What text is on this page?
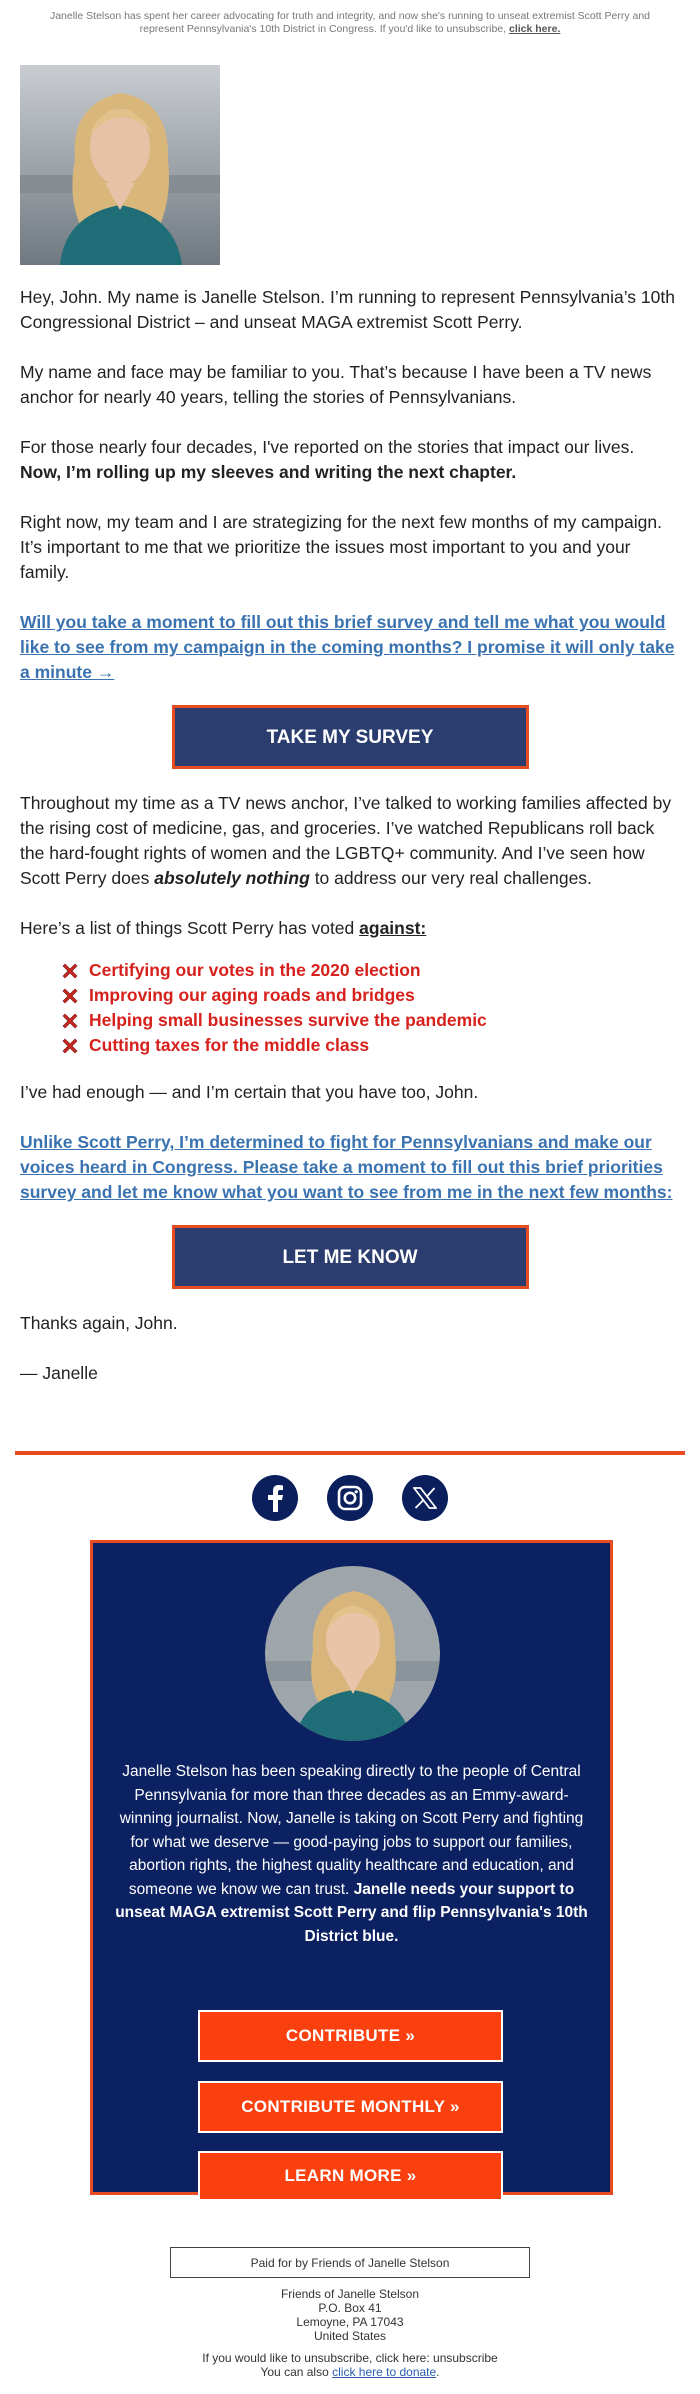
Janelle Stelson has spent her career advocating for truth and integrity, and now she's running to unseat extremist Scott Perry and represent Pennsylvania's 10th District in Congress. If you'd like to unsubscribe, click here.

Hey, John. My name is Janelle Stelson. I’m running to represent Pennsylvania’s 10th Congressional District – and unseat MAGA extremist Scott Perry.

My name and face may be familiar to you. That’s because I have been a TV news anchor for nearly 40 years, telling the stories of Pennsylvanians.

For those nearly four decades, I've reported on the stories that impact our lives. Now, I’m rolling up my sleeves and writing the next chapter.

Right now, my team and I are strategizing for the next few months of my campaign. It’s important to me that we prioritize the issues most important to you and your family.

Will you take a moment to fill out this brief survey and tell me what you would like to see from my campaign in the coming months? I promise it will only take a minute →

TAKE MY SURVEY

Throughout my time as a TV news anchor, I’ve talked to working families affected by the rising cost of medicine, gas, and groceries. I’ve watched Republicans roll back the hard-fought rights of women and the LGBTQ+ community. And I’ve seen how Scott Perry does absolutely nothing to address our very real challenges.

Here’s a list of things Scott Perry has voted against:

Certifying our votes in the 2020 election
Improving our aging roads and bridges
Helping small businesses survive the pandemic
Cutting taxes for the middle class

I’ve had enough — and I’m certain that you have too, John.

Unlike Scott Perry, I’m determined to fight for Pennsylvanians and make our voices heard in Congress. Please take a moment to fill out this brief priorities survey and let me know what you want to see from me in the next few months:

LET ME KNOW

Thanks again, John.

— Janelle

Janelle Stelson has been speaking directly to the people of Central Pennsylvania for more than three decades as an Emmy-award-winning journalist. Now, Janelle is taking on Scott Perry and fighting for what we deserve — good-paying jobs to support our families, abortion rights, the highest quality healthcare and education, and someone we know we can trust. Janelle needs your support to unseat MAGA extremist Scott Perry and flip Pennsylvania's 10th District blue.
CONTRIBUTE »
CONTRIBUTE MONTHLY »
LEARN MORE »
Paid for by Friends of Janelle Stelson
Friends of Janelle Stelson
P.O. Box 41
Lemoyne, PA 17043
United States
If you would like to unsubscribe, click here: unsubscribe
You can also click here to donate.
